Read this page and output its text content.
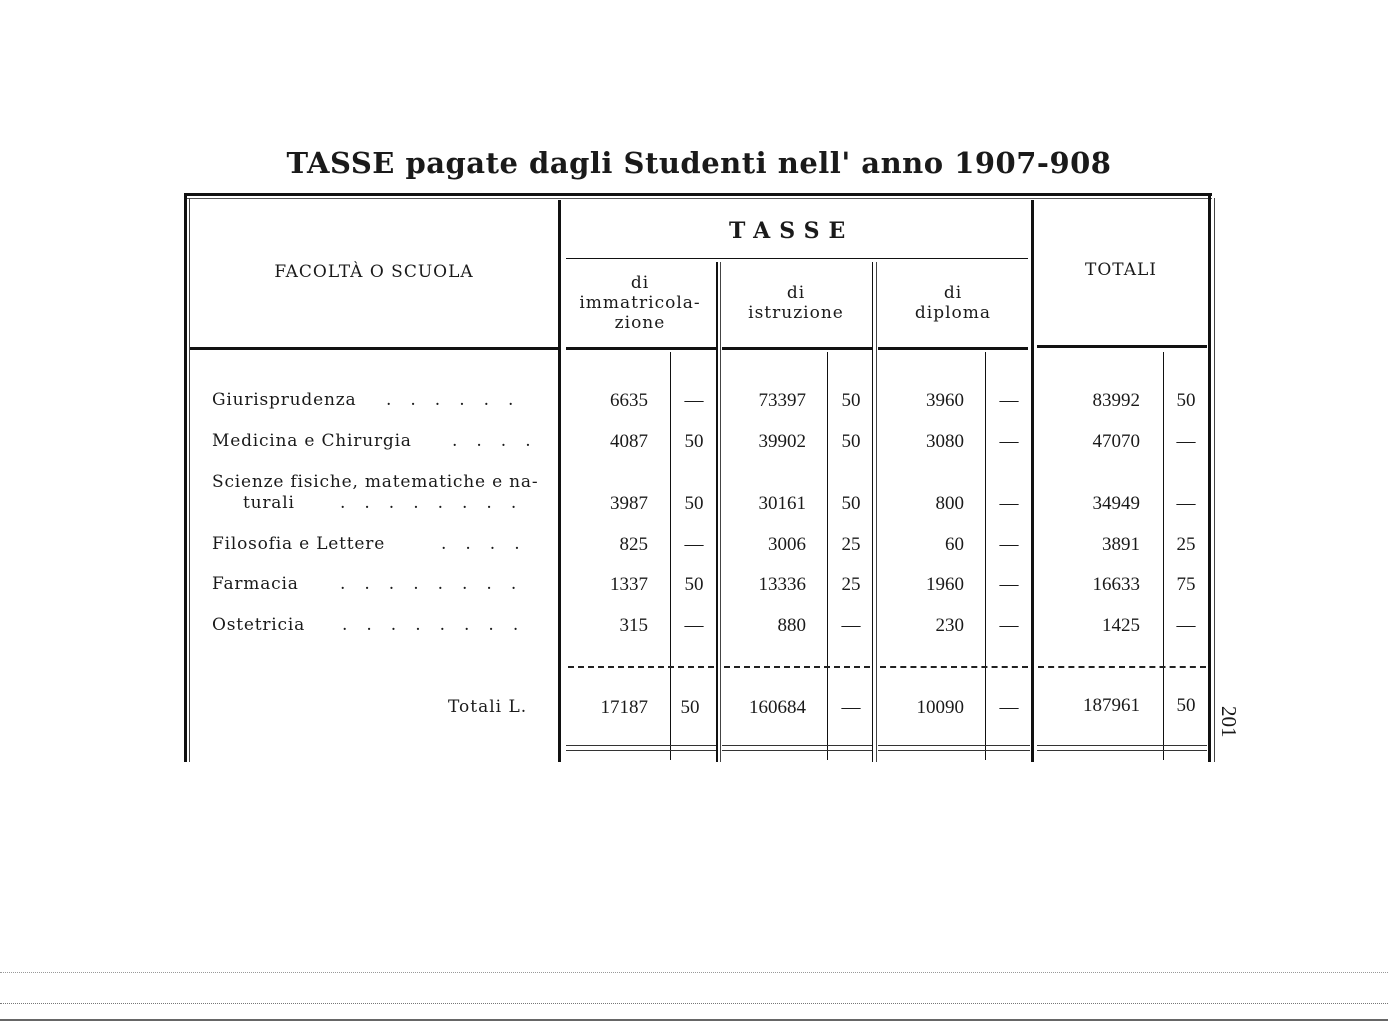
TASSE pagate dagli Studenti nell' anno 1907-908
FACOLTÀ O SCUOLA
TASSE
di
immatricola-
zione
di
istruzione
di
diploma
TOTALI
Giurisprudenza ......	6635	—	73397	50	3960	—	83992	50
Medicina e Chirurgia ....	4087	50	39902	50	3080	—	47070	—
Scienze fisiche, matematiche e na-
turali	........	3987	50	30161	50	800	—	34949	—
Filosofia e Lettere	....	825	—	3006	25	60	—	3891	25
Farmacia ........	1337	50	13336	25	1960	—	16633	75
Ostetricia ........	315	—	880	—	230	—	1425	—
Totali L.	17187	50	160684	—	10090	—	187961	50
201
